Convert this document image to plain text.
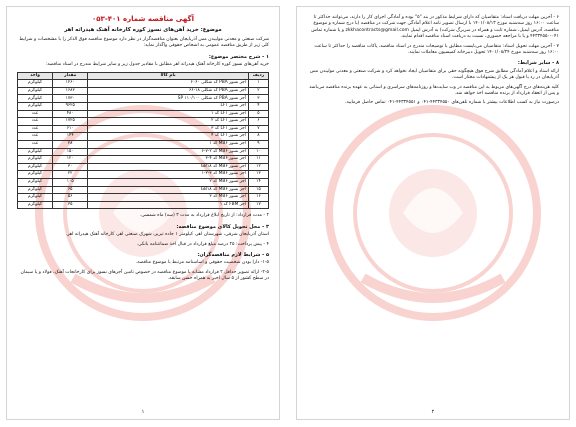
آگهی مناقصه شماره ۴۰۱-۰۵۳
موضوع: خرید آهن‌های نسوز کوره کارخانه آهنک هیدراته اهر

شرکت صنعتی و معدنی مولیبدن مس آذربایجان بعنوان مناقصه‌گزار در نظر دارد موضوع مناقصه فوق الذکر را با مشخصات و شرایط کلی زیر از طریق مناقصه عمومی به اشخاص حقوقی واگذار نماید:

۱ - شرح مختصر موضوع:

خرید آهن‌های نسوز کوره کارخانه آهنک هیدراته اهر مطابق با مقادیر جدول زیر و سایر شرایط مندرج در اسناد مناقصه:

ردیف	نام کالا	مقدار	واحد
۱	آجر نسوز PBA کد شکلی ۶۰۶۰	۱۲۶۰	کیلوگرم
۲	آجر نسوز PBA کد شکلی ۱۸-۶۶	۱۶۸۳	کیلوگرم
۳	آجر نسوز PBA کد شکلی ۱۱۰/۱۰۰ SP	۱۷۳۰	کیلوگرم
۴	آجر نسوز LF۱	۹۶۲۵	کیلوگرم
۵	آجر نسوز LF۱ کد ۱	۴۸۰	عدد
۶	آجر نسوز LF۱ کد ۲	۱۷۲۵	عدد
۷	آجر نسوز LF۱ کد ۳	۶۱۰	عدد
۸	آجر نسوز LF۱ کد ۴	۱۴۴	عدد
۹	آجر نسوز MB۶ کد ۱	۲۸	عدد
۱۰	آجر نسوز MB۶ کد ۲-۷-۶	۱۵۰	کیلوگرم
۱۱	آجر نسوز MB۶ کد ۴-۳	۱۲۰	کیلوگرم
۱۲	آجر نسوز MB۶ کد GB۱۸	۳۰	کیلوگرم
۱۳	آجر نسوز MB۶ کد ۳-۲-۱	۲۲	کیلوگرم
۱۴	آجر نسوز MB۶ کد ۲	۱۰۵	کیلوگرم
۱۵	آجر نسوز MB۶ کد GB۱۸	۶۵	کیلوگرم
۱۶	آجر نسوز MB۶ کد ۳	۵۶	کیلوگرم
۱۷	آجر FBM کد ۱	۳۵	کیلوگرم

۲ - مدت قرارداد: از تاریخ ابلاغ قرارداد به مدت ۳ (سه) ماه شمسی.

۳ - محل تحویل کالای موضوع مناقصه:

استان آذربایجان شرقی، شهرستان اهر، کیلومتر ۱ جاده تبریز، شهرک صنعتی اهر، کارخانه آهنک هیدراته اهر.

۴ - پیش پرداخت: ۲۵ درصد مبلغ قرارداد در قبال اخذ ضمانتنامه بانکی.

۵ - شرایط لازم مناقصه‌گران:

۱-۵- دارا بودن شخصیت حقوقی و اساسنامه مرتبط با موضوع مناقصه.

۲-۵- ارائه تصویر حداقل ۲ قرارداد مشابه با موضوع مناقصه در خصوص تامین آجرهای نسوز برای کارخانجات آهنک، فولاد و یا سیمان در سطح کشور از ۵ سال اخیر به همراه حسن سابقه.

۱

۶ - آخرین مهلت دریافت اسناد: متقاضیان که دارای شرایط مذکور در بند "۵" بوده و آمادگی اجرای کار را دارند، می‌توانند حداکثر تا ساعت ۱۶:۰۰ روز سه‌شنبه مورخ ۱۴۰۱/۰۸/۱۳ با ارسال تصویر نامه اعلام آمادگی جهت شرکت در مناقصه (با درج شماره و موضوع مناقصه، آدرس ایمیل، شماره ثابت و همراه در سربرگ شرکت) به آدرس ایمیل zkkhacontracts@gmail.com و یا شماره تماس ۰۴۱-۴۴۳۳۴۵۵۰ و یا با مراجعه حضوری، نسبت به دریافت اسناد مناقصه اقدام نمایند.

۷ - آخرین مهلت تحویل اسناد: متقاضیان می‌بایست مطابق با توضیحات مندرج در اسناد مناقصه، پاکات مناقصه را حداکثر تا ساعت ۱۶:۰۰ روز سه‌شنبه مورخ ۱۴۰۱/۰۸/۲۴ تحویل دبیرخانه کمیسیون معاملات نمایند.

۸ - سایر شرایط:

ارائه اسناد و اعلام آمادگی مطابق شرح فوق هیچگونه حقی برای متقاضیان ایجاد نخواهد کرد و شرکت صنعتی و معدنی مولیبدن مس آذربایجان در رد یا قبول هر یک از پیشنهادات مختار است.

کلیه هزینه‌های درج آگهی‌های مربوط به این مناقصه در وب سایت‌ها و روزنامه‌های سراسری و استانی به عهده برنده مناقصه می‌باشد و پس از انعقاد قرارداد از برنده مناقصه اخذ خواهد شد.

درصورت نیاز به کسب اطلاعات بیشتر با شماره تلفن‌های ۴۴۳۳۴۵۵۰-۰۴۱ و ۴۴۳۳۴۵۵۱-۰۴۱ تماس حاصل فرمایید.

۲
